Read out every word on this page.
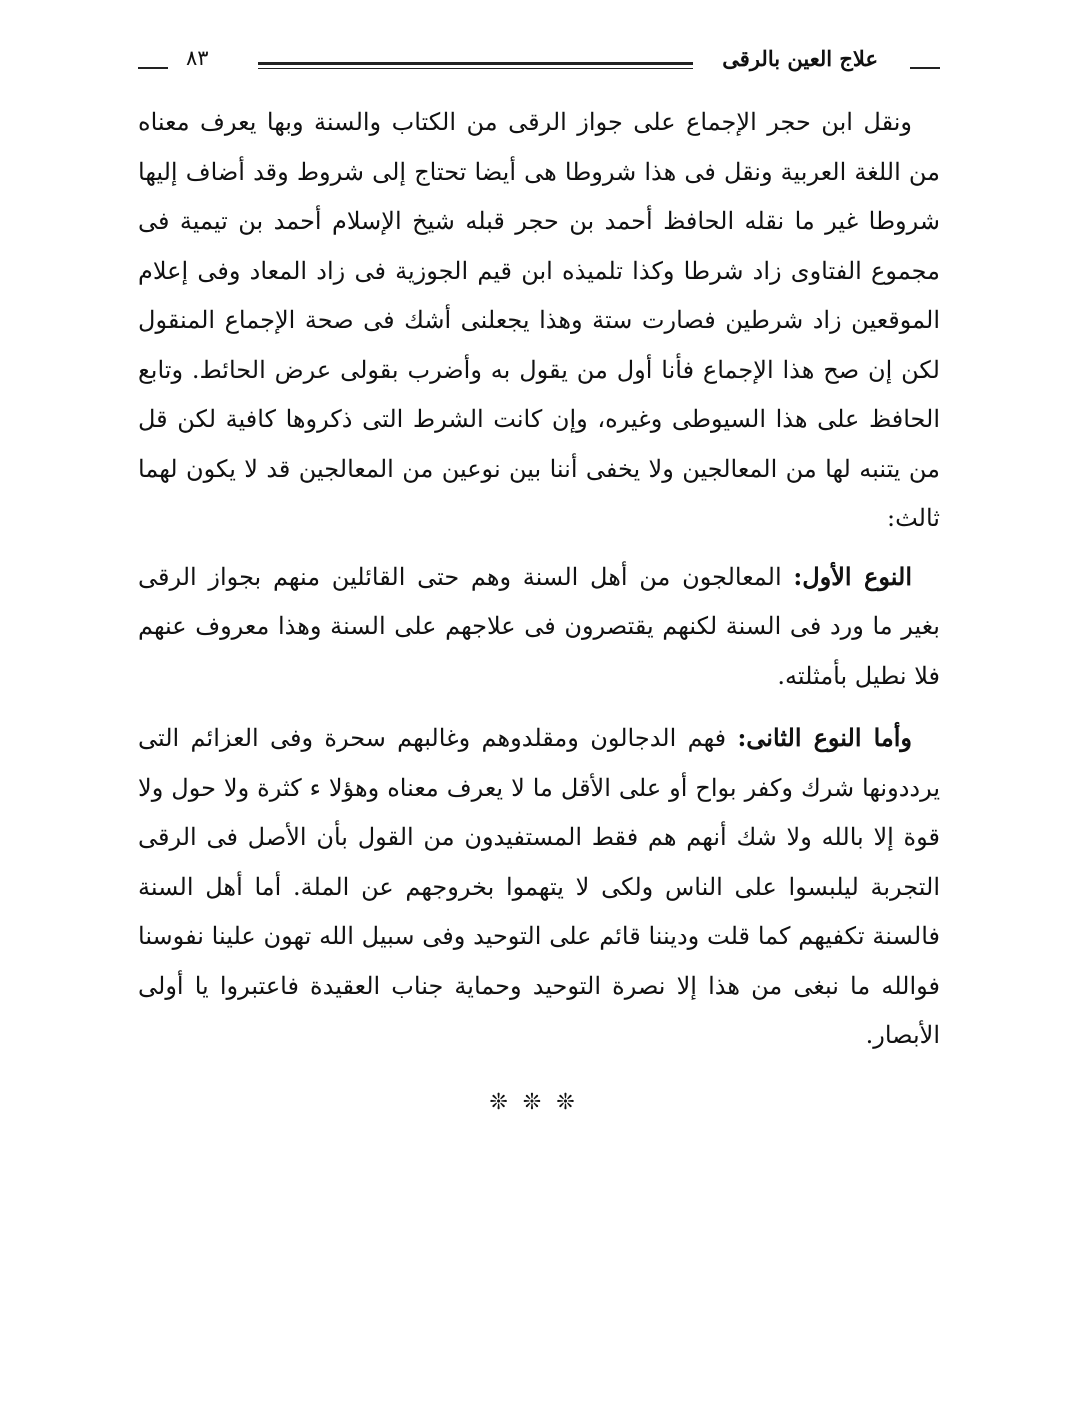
علاج العين بالرقى
٨٣

ونقل ابن حجر الإجماع على جواز الرقى من الكتاب والسنة وبها يعرف معناه من اللغة العربية ونقل فى هذا شروطا هى أيضا تحتاج إلى شروط وقد أضاف إليها شروطا غير ما نقله الحافظ أحمد بن حجر قبله شيخ الإسلام أحمد بن تيمية فى مجموع الفتاوى زاد شرطا وكذا تلميذه ابن قيم الجوزية فى زاد المعاد وفى إعلام الموقعين زاد شرطين فصارت ستة وهذا يجعلنى أشك فى صحة الإجماع المنقول لكن إن صح هذا الإجماع فأنا أول من يقول به وأضرب بقولى عرض الحائط. وتابع الحافظ على هذا السيوطى وغيره، وإن كانت الشرط التى ذكروها كافية لكن قل من يتنبه لها من المعالجين ولا يخفى أننا بين نوعين من المعالجين قد لا يكون لهما ثالث:

النوع الأول: المعالجون من أهل السنة وهم حتى القائلين منهم بجواز الرقى بغير ما ورد فى السنة لكنهم يقتصرون فى علاجهم على السنة وهذا معروف عنهم فلا نطيل بأمثلته.

وأما النوع الثانى: فهم الدجالون ومقلدوهم وغالبهم سحرة وفى العزائم التى يرددونها شرك وكفر بواح أو على الأقل ما لا يعرف معناه وهؤلا ء كثرة ولا حول ولا قوة إلا بالله ولا شك أنهم هم فقط المستفيدون من القول بأن الأصل فى الرقى التجربة ليلبسوا على الناس ولكى لا يتهموا بخروجهم عن الملة. أما أهل السنة فالسنة تكفيهم كما قلت وديننا قائم على التوحيد وفى سبيل الله تهون علينا نفوسنا فوالله ما نبغى من هذا إلا نصرة التوحيد وحماية جناب العقيدة فاعتبروا يا أولى الأبصار.

❊ ❊ ❊
